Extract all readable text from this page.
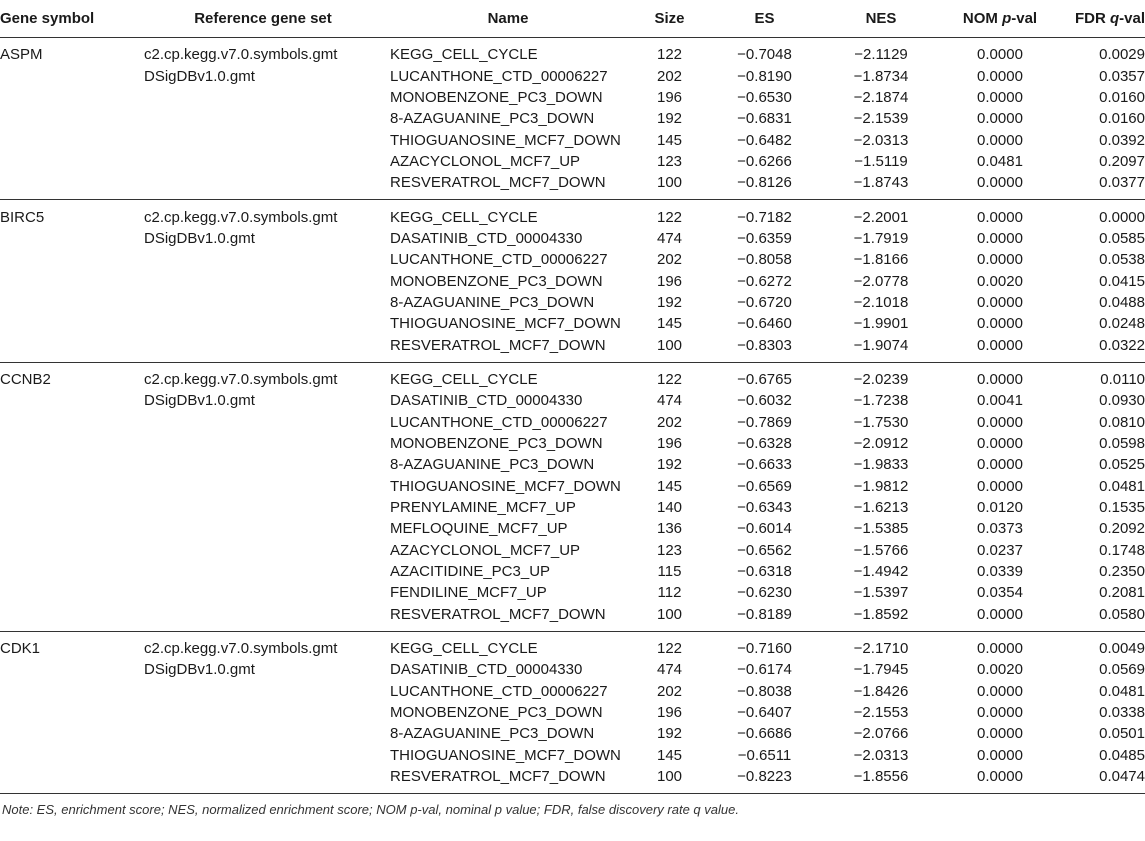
Gene symbol	Reference gene set	Name	Size	ES	NES	NOM p-val	FDR q-val
ASPM	c2.cp.kegg.v7.0.symbols.gmt	KEGG_CELL_CYCLE	122	−0.7048	−2.1129	0.0000	0.0029
	DSigDBv1.0.gmt	LUCANTHONE_CTD_00006227	202	−0.8190	−1.8734	0.0000	0.0357
		MONOBENZONE_PC3_DOWN	196	−0.6530	−2.1874	0.0000	0.0160
		8-AZAGUANINE_PC3_DOWN	192	−0.6831	−2.1539	0.0000	0.0160
		THIOGUANOSINE_MCF7_DOWN	145	−0.6482	−2.0313	0.0000	0.0392
		AZACYCLONOL_MCF7_UP	123	−0.6266	−1.5119	0.0481	0.2097
		RESVERATROL_MCF7_DOWN	100	−0.8126	−1.8743	0.0000	0.0377
BIRC5	c2.cp.kegg.v7.0.symbols.gmt	KEGG_CELL_CYCLE	122	−0.7182	−2.2001	0.0000	0.0000
	DSigDBv1.0.gmt	DASATINIB_CTD_00004330	474	−0.6359	−1.7919	0.0000	0.0585
		LUCANTHONE_CTD_00006227	202	−0.8058	−1.8166	0.0000	0.0538
		MONOBENZONE_PC3_DOWN	196	−0.6272	−2.0778	0.0020	0.0415
		8-AZAGUANINE_PC3_DOWN	192	−0.6720	−2.1018	0.0000	0.0488
		THIOGUANOSINE_MCF7_DOWN	145	−0.6460	−1.9901	0.0000	0.0248
		RESVERATROL_MCF7_DOWN	100	−0.8303	−1.9074	0.0000	0.0322
CCNB2	c2.cp.kegg.v7.0.symbols.gmt	KEGG_CELL_CYCLE	122	−0.6765	−2.0239	0.0000	0.0110
	DSigDBv1.0.gmt	DASATINIB_CTD_00004330	474	−0.6032	−1.7238	0.0041	0.0930
		LUCANTHONE_CTD_00006227	202	−0.7869	−1.7530	0.0000	0.0810
		MONOBENZONE_PC3_DOWN	196	−0.6328	−2.0912	0.0000	0.0598
		8-AZAGUANINE_PC3_DOWN	192	−0.6633	−1.9833	0.0000	0.0525
		THIOGUANOSINE_MCF7_DOWN	145	−0.6569	−1.9812	0.0000	0.0481
		PRENYLAMINE_MCF7_UP	140	−0.6343	−1.6213	0.0120	0.1535
		MEFLOQUINE_MCF7_UP	136	−0.6014	−1.5385	0.0373	0.2092
		AZACYCLONOL_MCF7_UP	123	−0.6562	−1.5766	0.0237	0.1748
		AZACITIDINE_PC3_UP	115	−0.6318	−1.4942	0.0339	0.2350
		FENDILINE_MCF7_UP	112	−0.6230	−1.5397	0.0354	0.2081
		RESVERATROL_MCF7_DOWN	100	−0.8189	−1.8592	0.0000	0.0580
CDK1	c2.cp.kegg.v7.0.symbols.gmt	KEGG_CELL_CYCLE	122	−0.7160	−2.1710	0.0000	0.0049
	DSigDBv1.0.gmt	DASATINIB_CTD_00004330	474	−0.6174	−1.7945	0.0020	0.0569
		LUCANTHONE_CTD_00006227	202	−0.8038	−1.8426	0.0000	0.0481
		MONOBENZONE_PC3_DOWN	196	−0.6407	−2.1553	0.0000	0.0338
		8-AZAGUANINE_PC3_DOWN	192	−0.6686	−2.0766	0.0000	0.0501
		THIOGUANOSINE_MCF7_DOWN	145	−0.6511	−2.0313	0.0000	0.0485
		RESVERATROL_MCF7_DOWN	100	−0.8223	−1.8556	0.0000	0.0474
Note: ES, enrichment score; NES, normalized enrichment score; NOM p-val, nominal p value; FDR, false discovery rate q value.
